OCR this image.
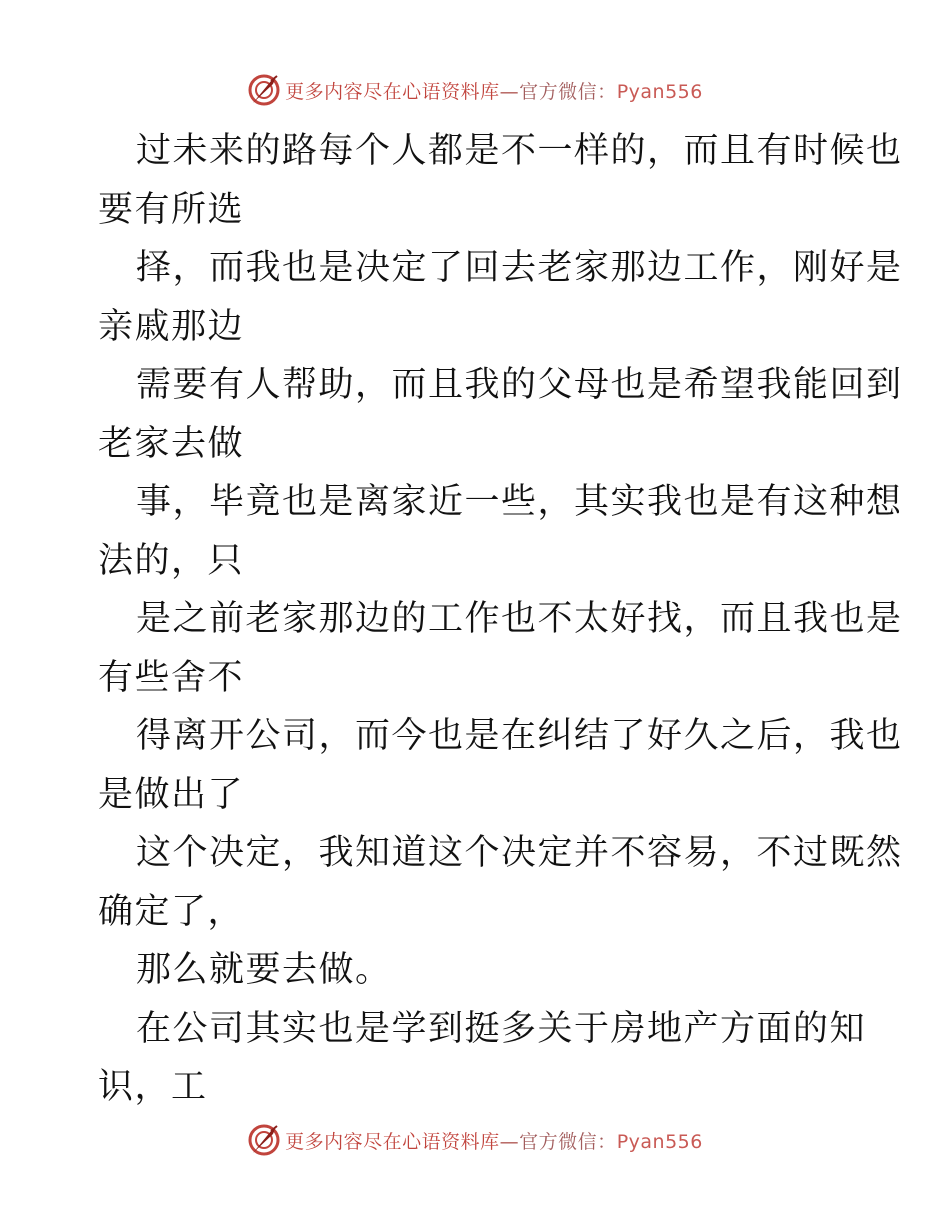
更多内容尽在心语资料库—官方微信：Pyan556
过未来的路每个人都是不一样的，而且有时候也
要有所选
择，而我也是决定了回去老家那边工作，刚好是
亲戚那边
需要有人帮助，而且我的父母也是希望我能回到
老家去做
事，毕竟也是离家近一些，其实我也是有这种想
法的，只
是之前老家那边的工作也不太好找，而且我也是
有些舍不
得离开公司，而今也是在纠结了好久之后，我也
是做出了
这个决定，我知道这个决定并不容易，不过既然
确定了，
那么就要去做。
在公司其实也是学到挺多关于房地产方面的知
识，工
更多内容尽在心语资料库—官方微信：Pyan556
